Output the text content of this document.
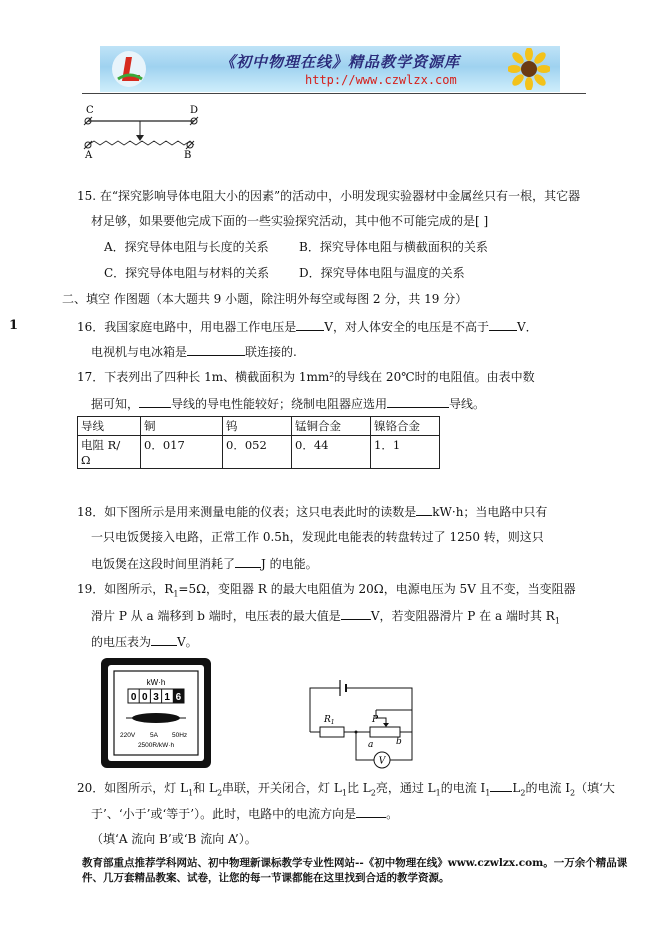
《初中物理在线》精品教学资源库
http://www.czwlzx.com
C	D
A	B
15. 在“探究影响导体电阻大小的因素”的活动中，小明发现实验器材中金属丝只有一根，其它器
材足够，如果要他完成下面的一些实验探究活动，其中他不可能完成的是[ ]
A．探究导体电阻与长度的关系	B．探究导体电阻与横截面积的关系
C．探究导体电阻与材料的关系 D．探究导体电阻与温度的关系
二、填空 作图题（本大题共 9 小题，除注明外每空或每图 2 分，共 19 分）
1	16．我国家庭电路中，用电器工作电压是 V，对人体安全的电压是不高于 V．
电视机与电冰箱是	联连接的.
17．下表列出了四种长 1m、横截面积为 1mm²的导线在 20℃时的电阻值。由表中数
据可知，	导线的导电性能较好；绕制电阻器应选用	导线。
导线	铜	钨	锰铜合金	镍铬合金
电阻 R/
Ω	0．017	0．052	0．44	1．1
18．如下图所示是用来测量电能的仪表；这只电表此时的读数是 kW·h；当电路中只有
一只电饭煲接入电路，正常工作 0.5h，发现此电能表的转盘转过了 1250 转，则这只
电饭煲在这段时间里消耗了 J 的电能。
19．如图所示，$R_1=5\Omega$，变阻器 R 的最大电阻值为 20Ω，电源电压为 5V 且不变，当变阻器
滑片 P 从 a 端移到 b 端时，电压表的最大值是	V，若变阻器滑片 P 在 a 端时其 $R_1$
的电压表为 V。
kW·h
0 0 3 1 6
220V 5A 50Hz
2500R/kW·h
$R_1$	P
a	b
V
20．如图所示，灯 $L_1$和 $L_2$串联，开关闭合，灯 $L_1$比 $L_2$亮，通过 $L_1$的电流 $I_1$ $L_2$的电流 $I_2$（填‘大
于’、‘小于’或‘等于’）。此时，电路中的电流方向是	。
（填‘A 流向 B’或‘B 流向 A’）。
教育部重点推荐学科网站、初中物理新课标教学专业性网站--《初中物理在线》www.czwlzx.com。一万余个精品课
件、几万套精品教案、试卷，让您的每一节课都能在这里找到合适的教学资源。
